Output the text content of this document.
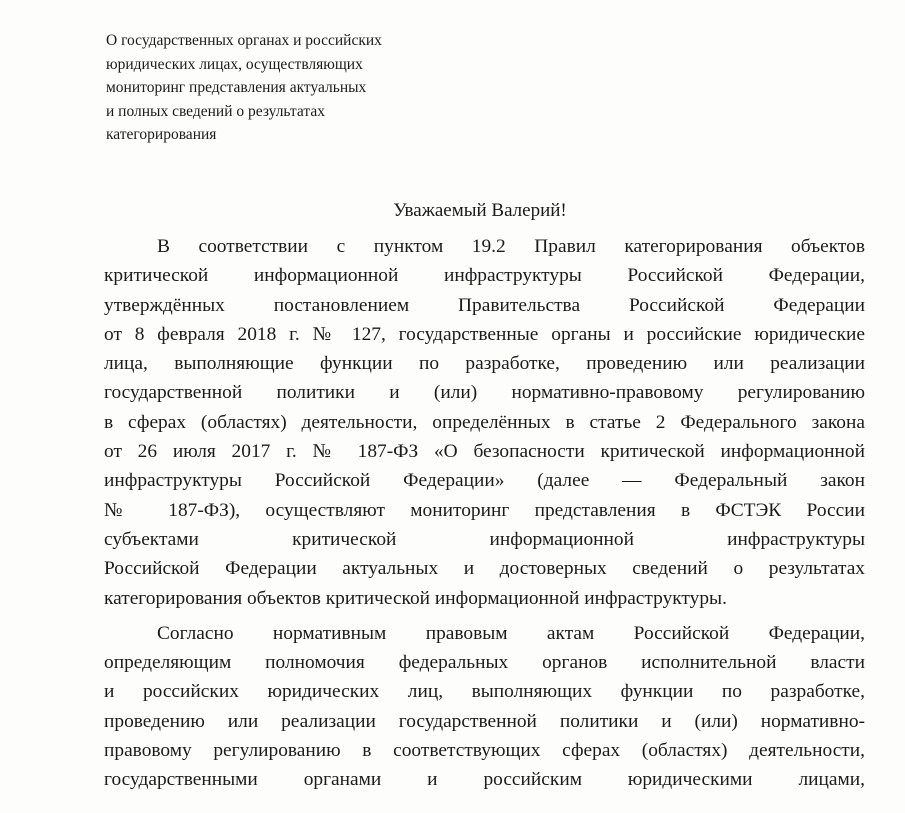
О государственных органах и российских
юридических лицах, осуществляющих
мониторинг представления актуальных
и полных сведений о результатах
категорирования
Уважаемый Валерий!
В соответствии с пунктом 19.2 Правил категорирования объектов
критической информационной инфраструктуры Российской Федерации,
утверждённых постановлением Правительства Российской Федерации
от 8 февраля 2018 г. № 127, государственные органы и российские юридические
лица, выполняющие функции по разработке, проведению или реализации
государственной политики и (или) нормативно-правовому регулированию
в сферах (областях) деятельности, определённых в статье 2 Федерального закона
от 26 июля 2017 г. № 187-ФЗ «О безопасности критической информационной
инфраструктуры Российской Федерации» (далее — Федеральный закон
№ 187-ФЗ), осуществляют мониторинг представления в ФСТЭК России
субъектами критической информационной инфраструктуры
Российской Федерации актуальных и достоверных сведений о результатах
категорирования объектов критической информационной инфраструктуры.
Согласно нормативным правовым актам Российской Федерации,
определяющим полномочия федеральных органов исполнительной власти
и российских юридических лиц, выполняющих функции по разработке,
проведению или реализации государственной политики и (или) нормативно-
правовому регулированию в соответствующих сферах (областях) деятельности,
государственными органами и российским юридическими лицами,
